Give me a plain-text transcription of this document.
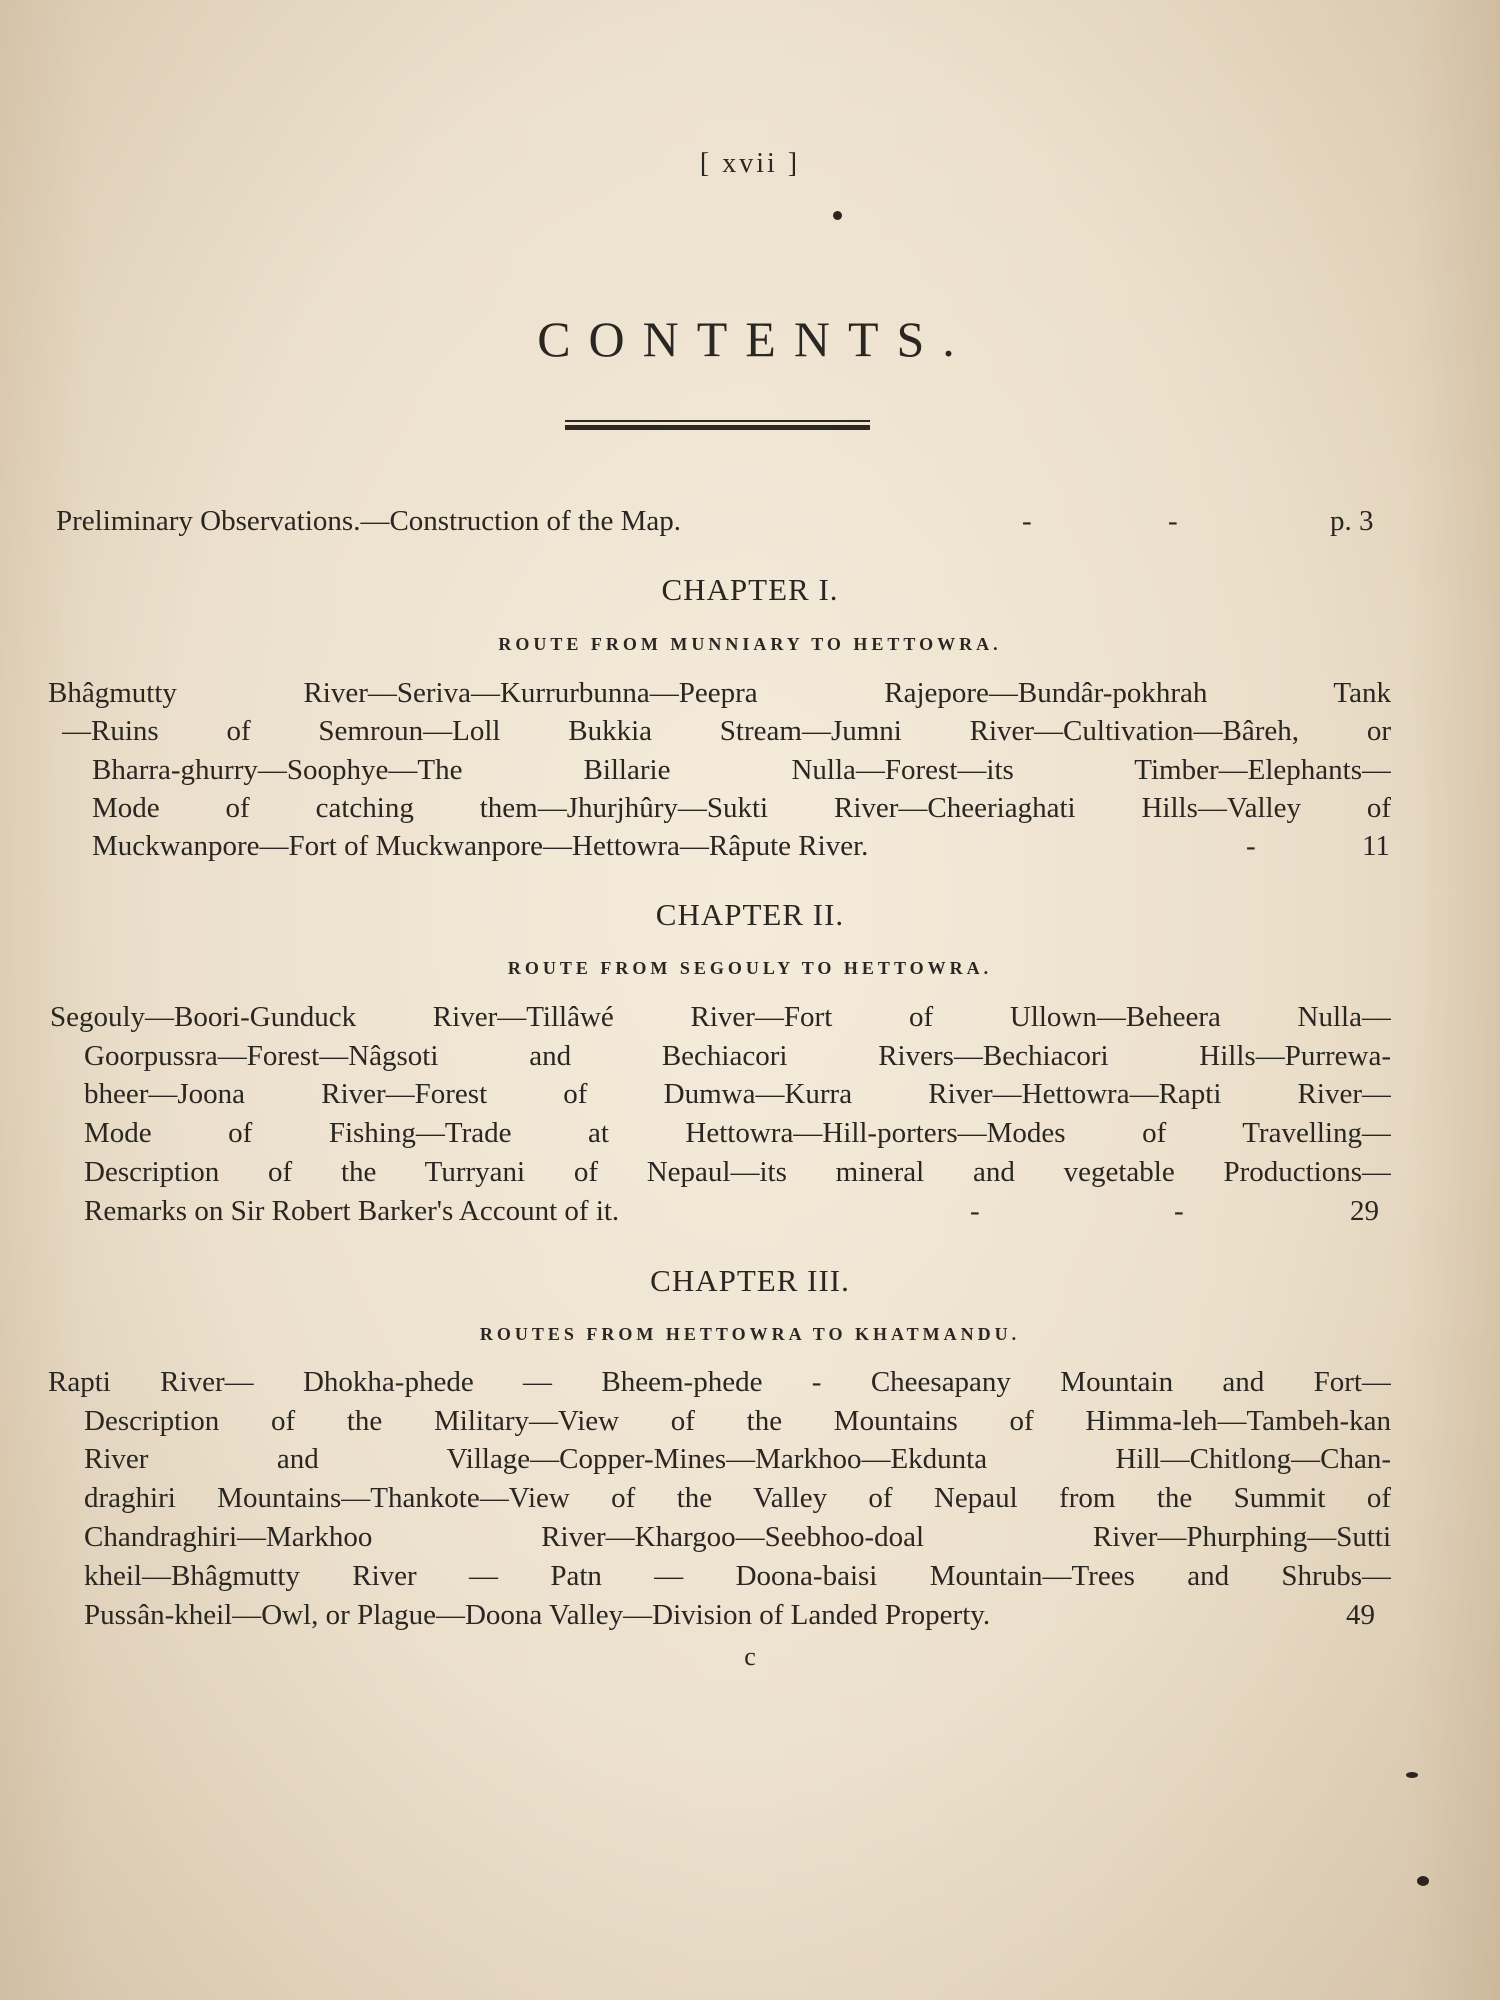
[ xvii ]
CONTENTS.
Preliminary Observations.—Construction of the Map.	-	-	p. 3
CHAPTER I.
ROUTE FROM MUNNIARY TO HETTOWRA.
Bhâgmutty River—Seriva—Kurrurbunna—Peepra Rajepore—Bundâr-pokhrah Tank
—Ruins of Semroun—Loll Bukkia Stream—Jumni River—Cultivation—Bâreh, or
Bharra-ghurry—Soophye—The Billarie Nulla—Forest—its Timber—Elephants—
Mode of catching them—Jhurjhûry—Sukti River—Cheeriaghati Hills—Valley of
Muckwanpore—Fort of Muckwanpore—Hettowra—Râpute River.	-	11
CHAPTER II.
ROUTE FROM SEGOULY TO HETTOWRA.
Segouly—Boori-Gunduck River—Tillâwé River—Fort of Ullown—Beheera Nulla—
Goorpussra—Forest—Nâgsoti and Bechiacori Rivers—Bechiacori Hills—Purrewa-
bheer—Joona River—Forest of Dumwa—Kurra River—Hettowra—Rapti River—
Mode of Fishing—Trade at Hettowra—Hill-porters—Modes of Travelling—
Description of the Turryani of Nepaul—its mineral and vegetable Productions—
Remarks on Sir Robert Barker's Account of it.	-	-	29
CHAPTER III.
ROUTES FROM HETTOWRA TO KHATMANDU.
Rapti River— Dhokha-phede — Bheem-phede - Cheesapany Mountain and Fort—
Description of the Military—View of the Mountains of Himma-leh—Tambeh-kan
River and Village—Copper-Mines—Markhoo—Ekdunta Hill—Chitlong—Chan-
draghiri Mountains—Thankote—View of the Valley of Nepaul from the Summit of
Chandraghiri—Markhoo River—Khargoo—Seebhoo-doal River—Phurphing—Sutti
kheil—Bhâgmutty River — Patn — Doona-baisi Mountain—Trees and Shrubs—
Pussân-kheil—Owl, or Plague—Doona Valley—Division of Landed Property.	49
c
